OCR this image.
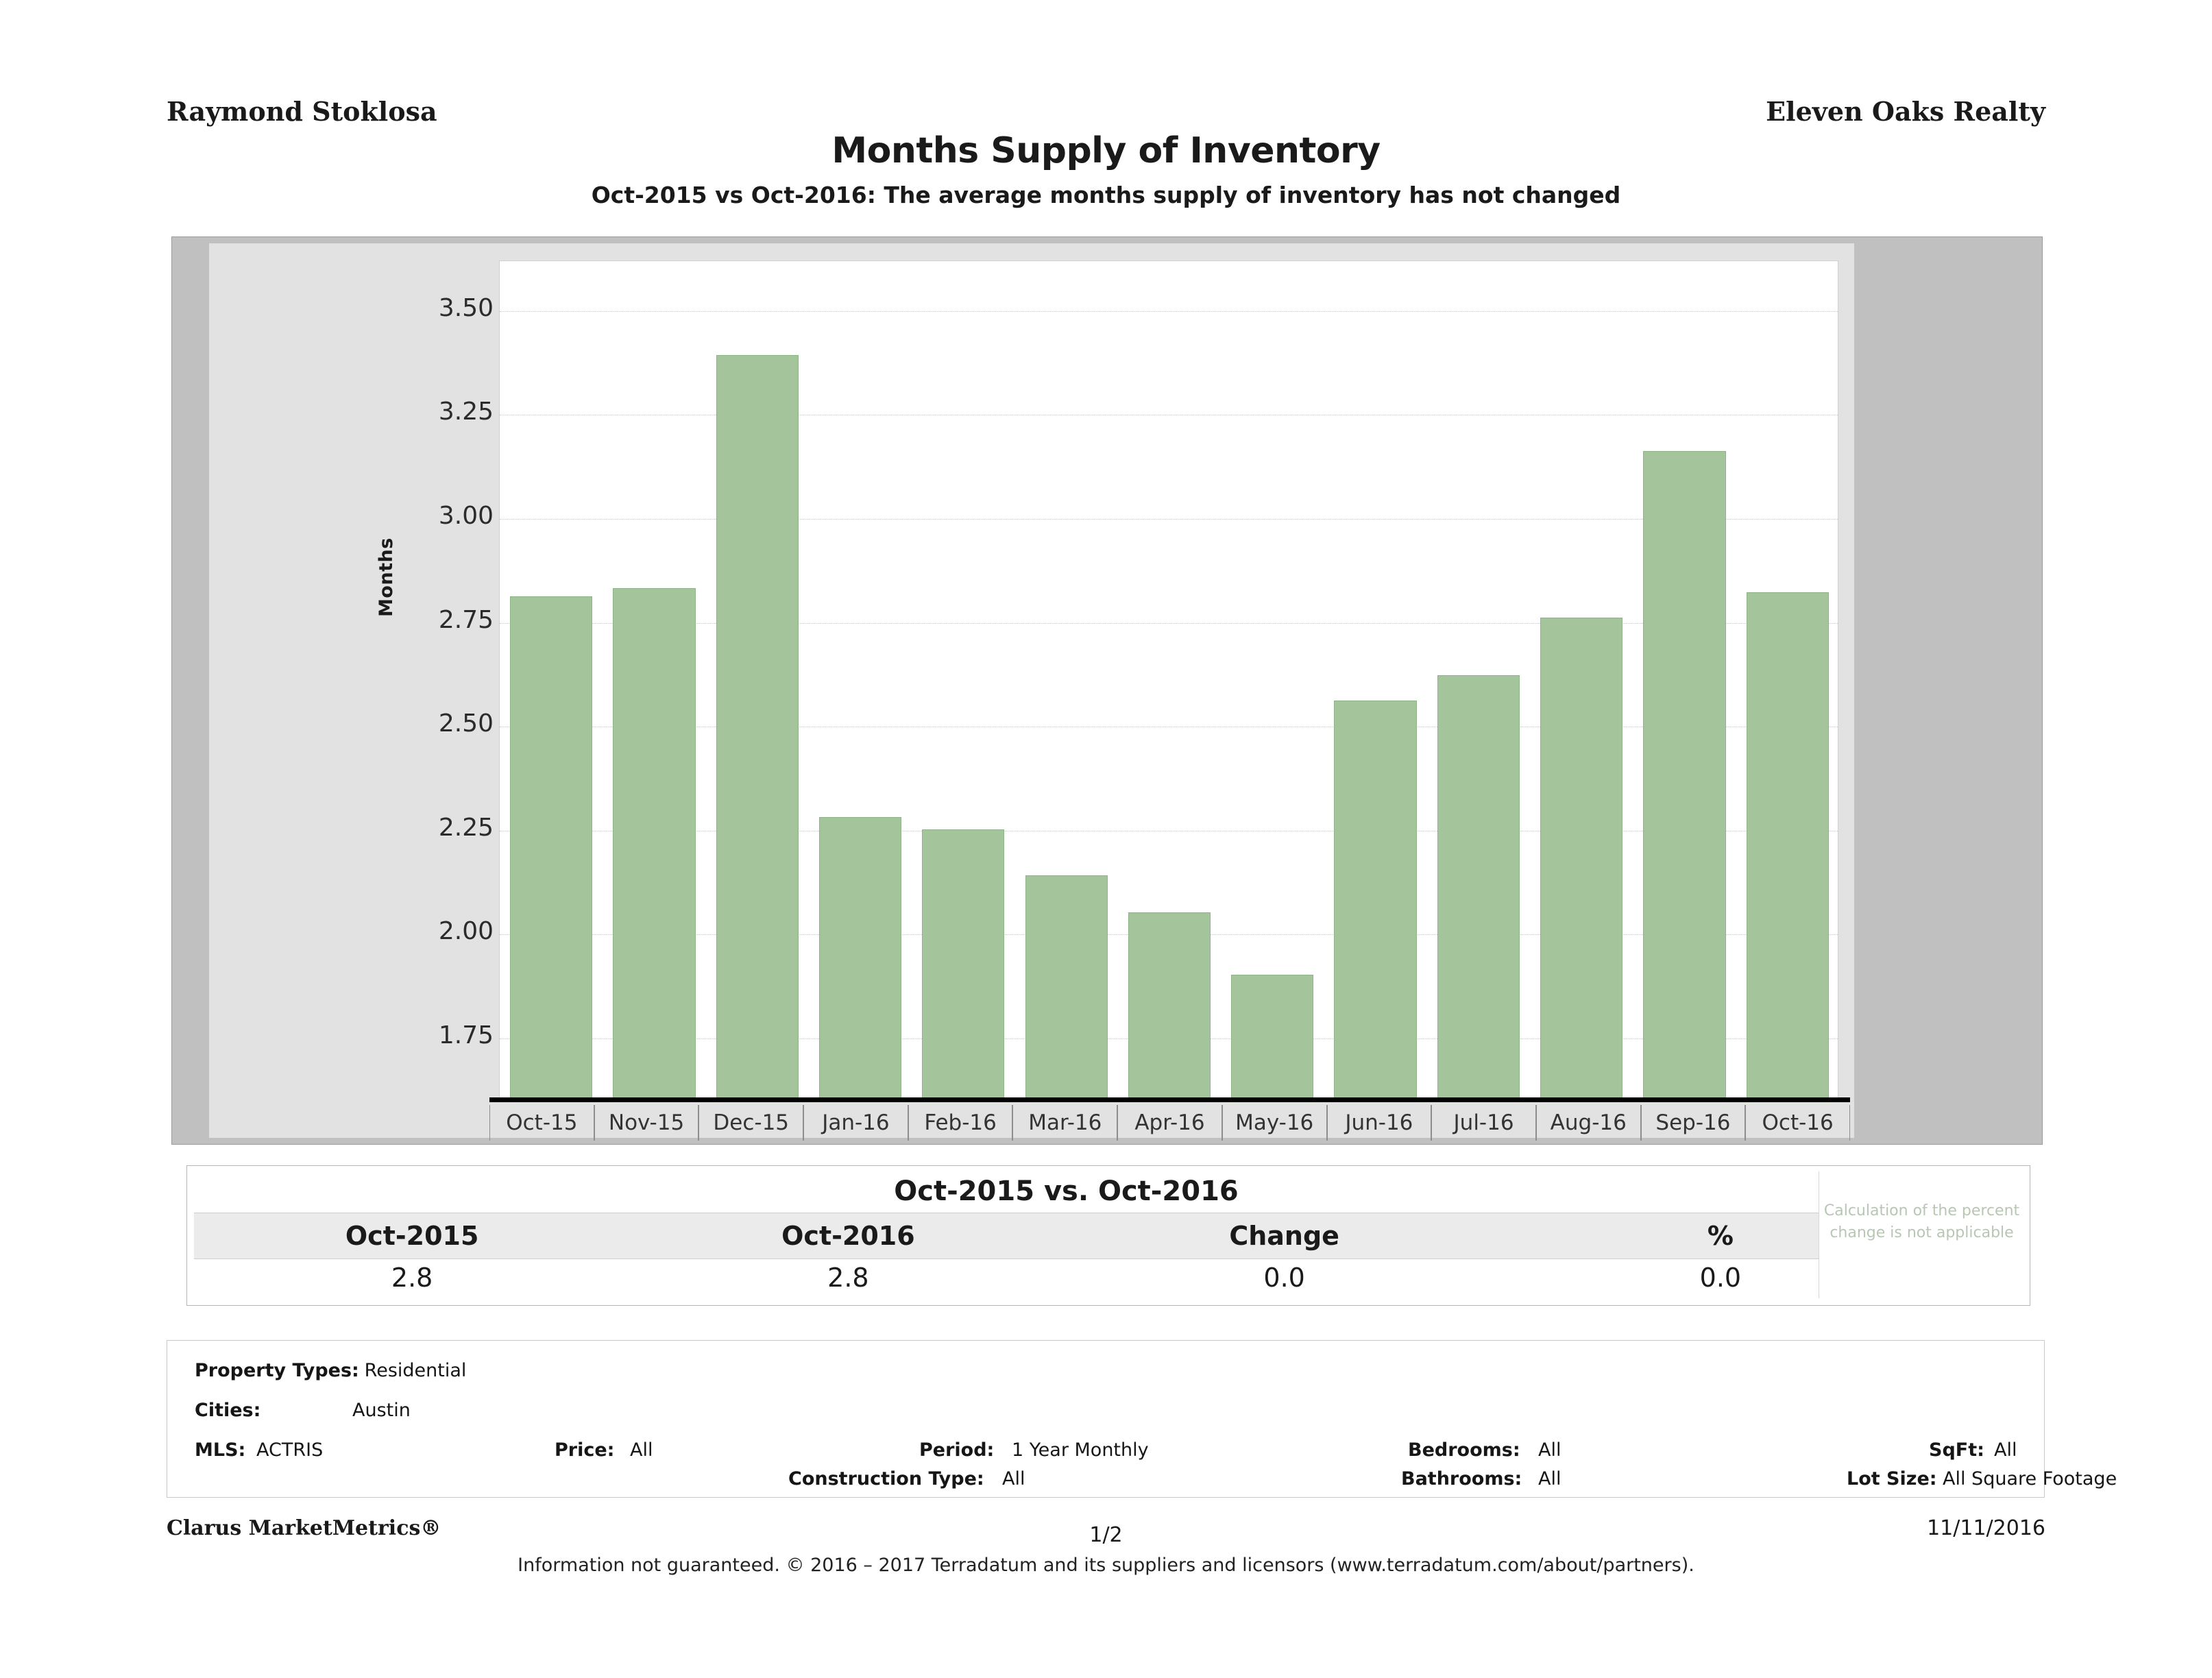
Raymond Stoklosa	Eleven Oaks Realty
Months Supply of Inventory
Oct-2015 vs Oct-2016: The average months supply of inventory has not changed
Months
3.50
3.25
3.00
2.75
2.50
2.25
2.00
1.75
Oct-15	Nov-15	Dec-15	Jan-16	Feb-16	Mar-16	Apr-16	May-16	Jun-16	Jul-16	Aug-16	Sep-16	Oct-16
Oct-2015 vs. Oct-2016
Oct-2015	Oct-2016	Change	%
2.8	2.8	0.0	0.0
Calculation of the percent change is not applicable
Property Types:
: Residential
Cities:	Austin
MLS: ACTRIS	Price: All	Period: 1 Year Monthly	Bedrooms: All	SqFt: All
Construction Type: All	Bathrooms: All	Lot Size: All Square Footage
Clarus MarketMetrics®	11/11/2016
1/2
Information not guaranteed. © 2016 – 2017 Terradatum and its suppliers and licensors (www.terradatum.com/about/partners).
